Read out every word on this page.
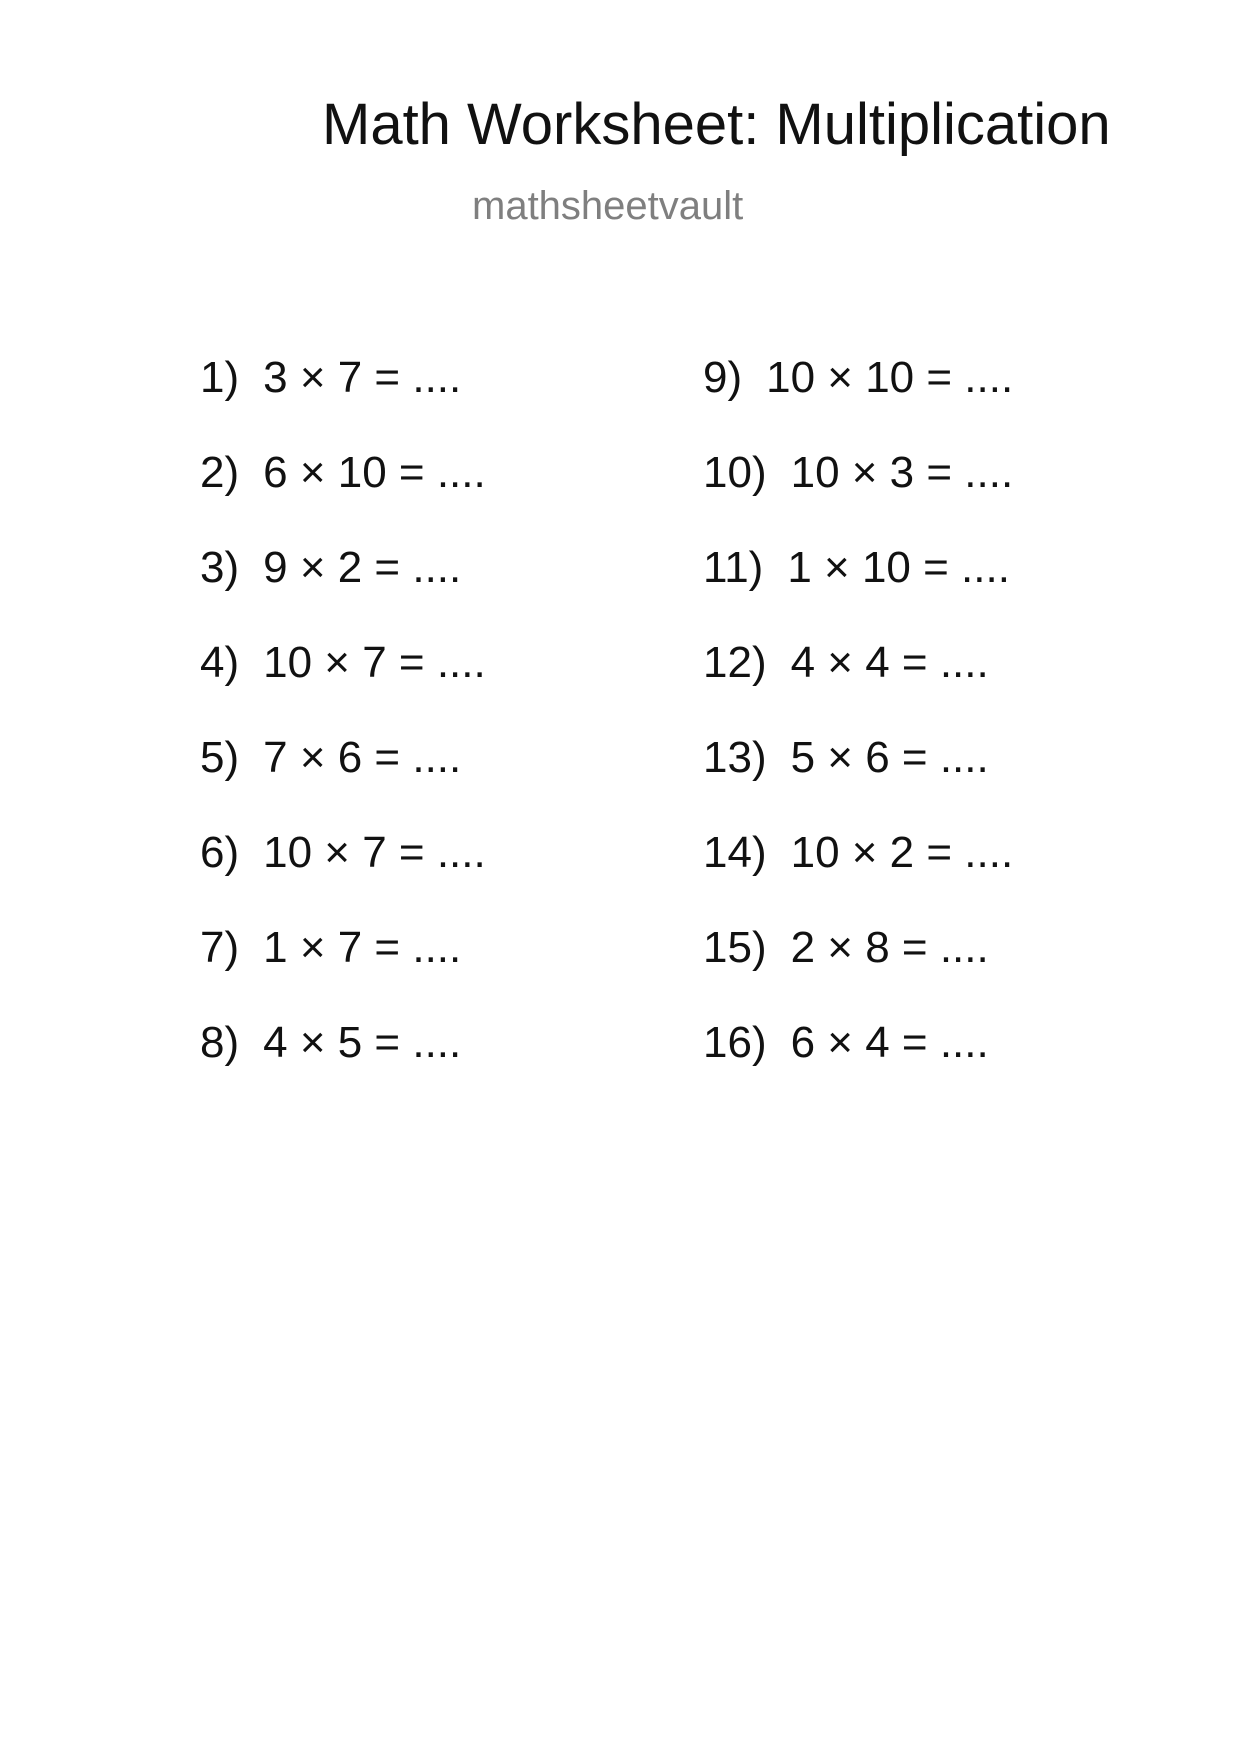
Math Worksheet: Multiplication
mathsheetvault
1) 3 × 7 = ....
2) 6 × 10 = ....
3) 9 × 2 = ....
4) 10 × 7 = ....
5) 7 × 6 = ....
6) 10 × 7 = ....
7) 1 × 7 = ....
8) 4 × 5 = ....
9) 10 × 10 = ....
10) 10 × 3 = ....
11) 1 × 10 = ....
12) 4 × 4 = ....
13) 5 × 6 = ....
14) 10 × 2 = ....
15) 2 × 8 = ....
16) 6 × 4 = ....
